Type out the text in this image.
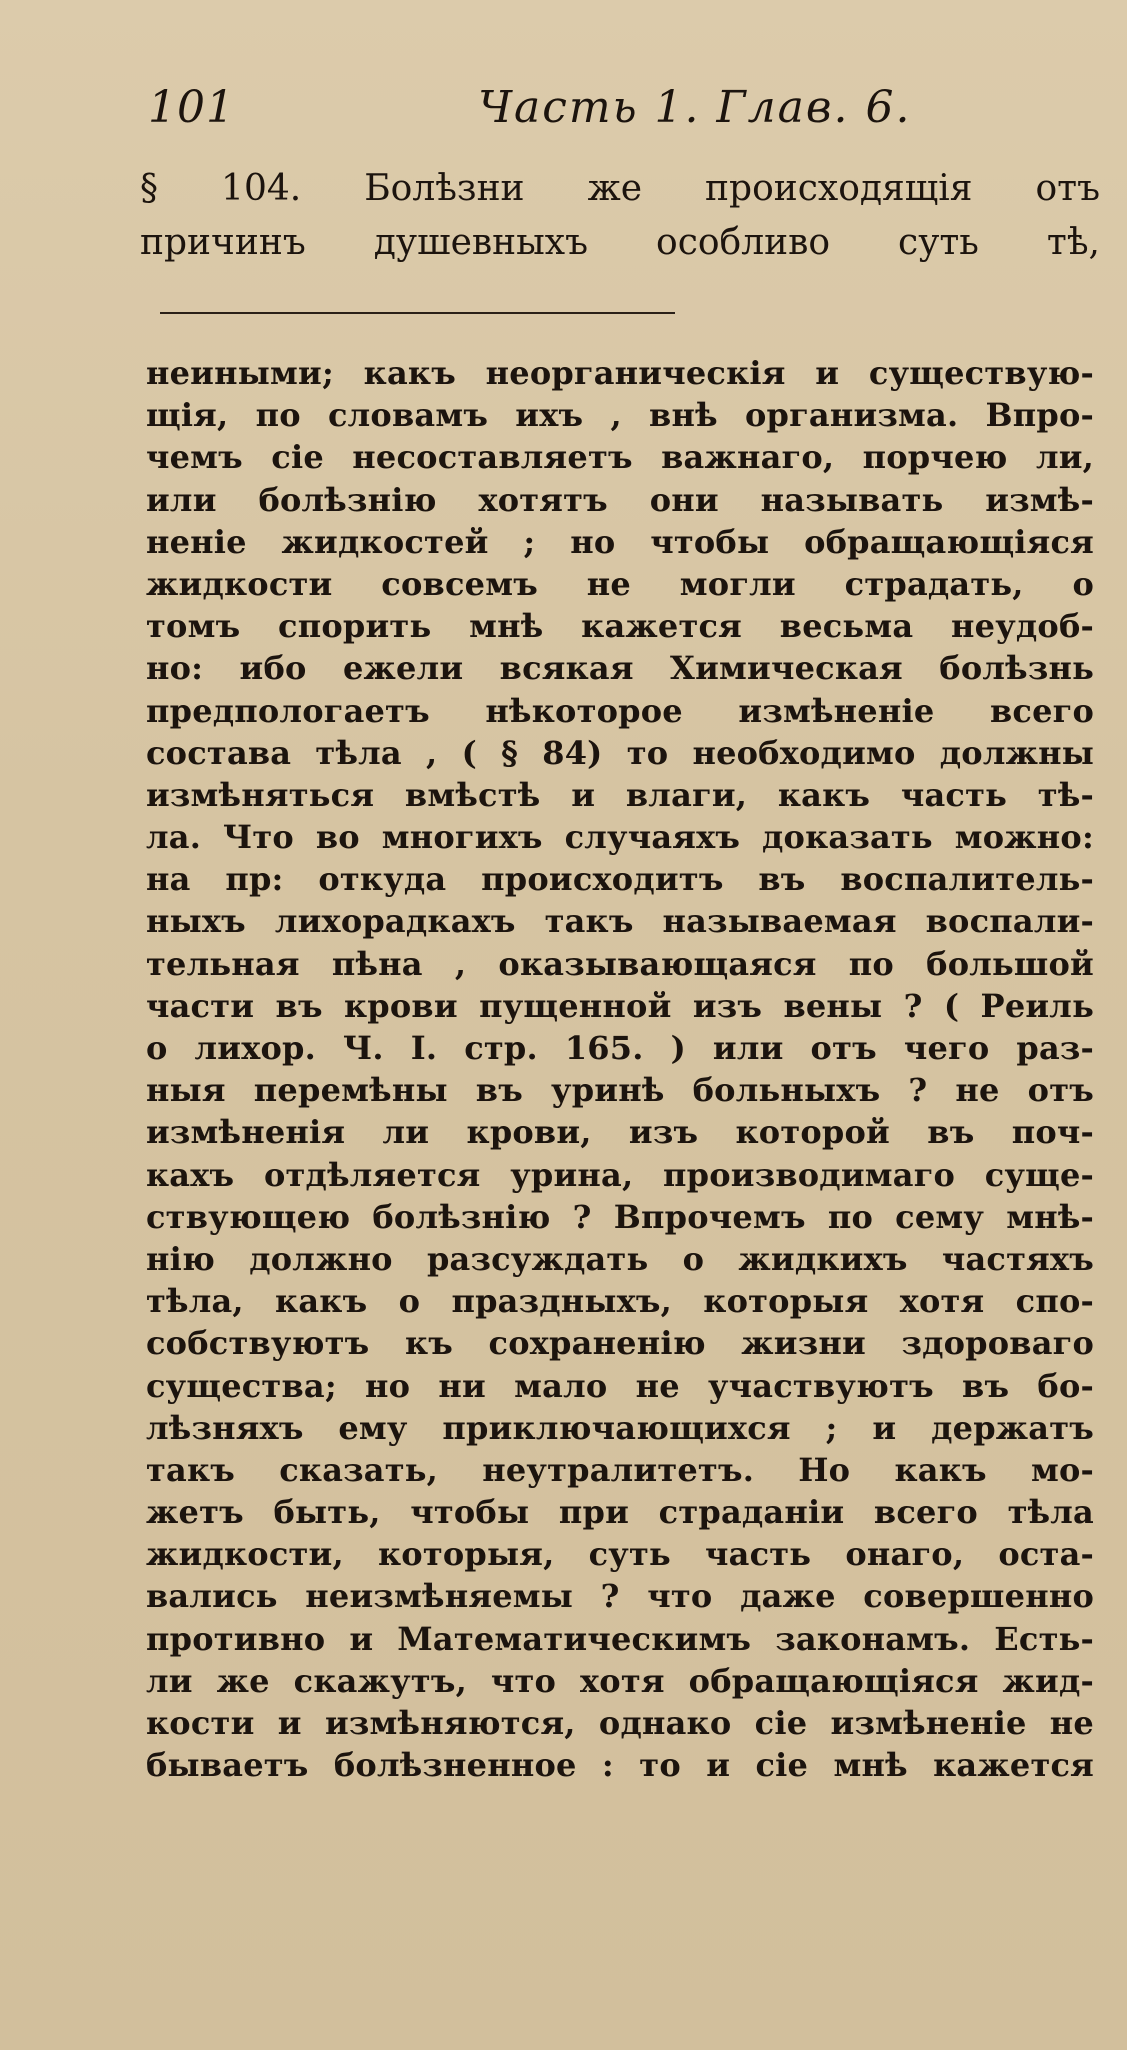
101	Часть 1. Глав. 6.
§ 104. Болѣзни же происходящія отъ
причинъ душевныхъ особливо суть тѣ,
неиными; какъ неорганическія и существую-
щія, по словамъ ихъ , внѣ организма. Впро-
чемъ сіе несоставляетъ важнаго, порчею ли,
или болѣзнію хотятъ они называть измѣ-
неніе жидкостей ; но чтобы обращающіяся
жидкости совсемъ не могли страдать, о
томъ спорить мнѣ кажется весьма неудоб-
но: ибо ежели всякая Химическая болѣзнь
предпологаетъ нѣкоторое измѣненіе всего
состава тѣла , ( § 84) то необходимо должны
измѣняться вмѣстѣ и влаги, какъ часть тѣ-
ла. Что во многихъ случаяхъ доказать можно:
на пр: откуда происходитъ въ воспалитель-
ныхъ лихорадкахъ такъ называемая воспали-
тельная пѣна , оказывающаяся по большой
части въ крови пущенной изъ вены ? ( Реиль
о лихор. Ч. I. стр. 165. ) или отъ чего раз-
ныя перемѣны въ уринѣ больныхъ ? не отъ
измѣненія ли крови, изъ которой въ поч-
кахъ отдѣляется урина, производимаго суще-
ствующею болѣзнію ? Впрочемъ по сему мнѣ-
нію должно разсуждать о жидкихъ частяхъ
тѣла, какъ о праздныхъ, которыя хотя спо-
собствуютъ къ сохраненію жизни здороваго
существа; но ни мало не участвуютъ въ бо-
лѣзняхъ ему приключающихся ; и держатъ
такъ сказать, неутралитетъ. Но какъ мо-
жетъ быть, чтобы при страданіи всего тѣла
жидкости, которыя, суть часть онаго, оста-
вались неизмѣняемы ? что даже совершенно
противно и Математическимъ законамъ. Есть-
ли же скажутъ, что хотя обращающіяся жид-
кости и измѣняются, однако сіе измѣненіе не
бываетъ болѣзненное : то и сіе мнѣ кажется
